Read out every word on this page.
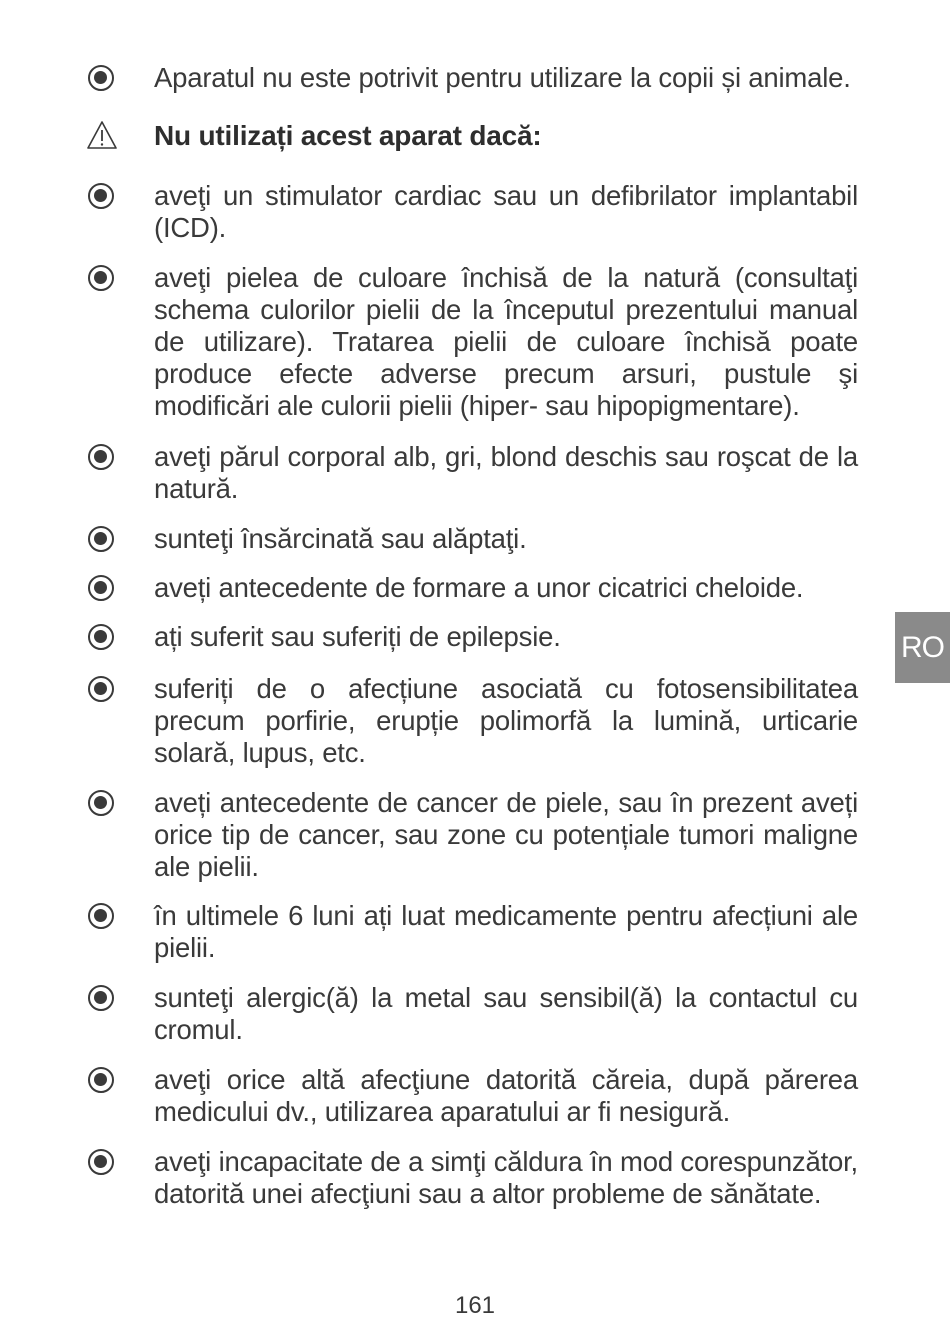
Aparatul nu este potrivit pentru utilizare la copii și animale.
Nu utilizați acest aparat dacă:
aveţi un stimulator cardiac sau un defibrilator implantabil (ICD).
aveţi pielea de culoare închisă de la natură (consultaţi schema culorilor pielii de la începutul prezentului manual de utilizare). Tratarea pielii de culoare închisă poate produce efecte adverse precum arsuri, pustule şi modificări ale culorii pielii (hiper- sau hipopigmentare).
aveţi părul corporal alb, gri, blond deschis sau roşcat de la natură.
sunteţi însărcinată sau alăptaţi.
aveți antecedente de formare a unor cicatrici cheloide.
ați suferit sau suferiți de epilepsie.
suferiți de o afecțiune asociată cu fotosensibilitatea precum porfirie, erupție polimorfă la lumină, urticarie solară, lupus, etc.
aveți antecedente de cancer de piele, sau în prezent aveți orice tip de cancer, sau zone cu potențiale tumori maligne ale pielii.
în ultimele 6 luni ați luat medicamente pentru afecțiuni ale pielii.
sunteţi alergic(ă) la metal sau sensibil(ă) la contactul cu cromul.
aveţi orice altă afecţiune datorită căreia, după părerea medicului dv., utilizarea aparatului ar fi nesigură.
aveţi incapacitate de a simţi căldura în mod corespunzător, datorită unei afecţiuni sau a altor probleme de sănătate.
RO
161
